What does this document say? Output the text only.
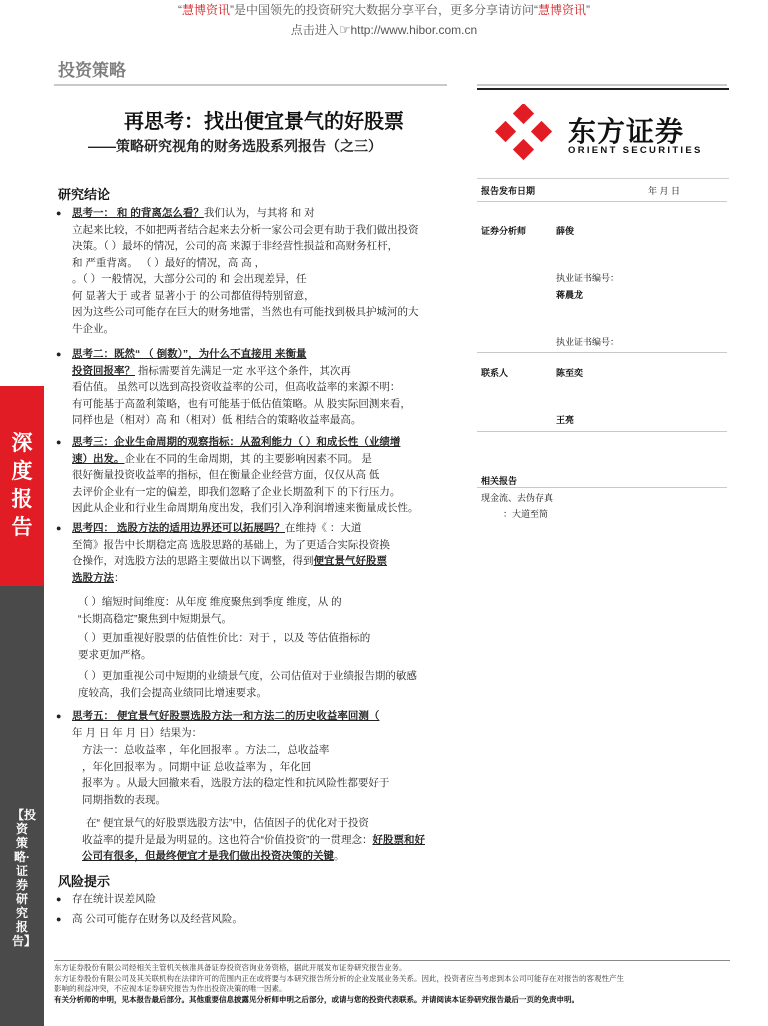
“慧博资讯”是中国领先的投资研究大数据分享平台，更多分享请访问“慧博资讯”
点击进入☞http://www.hibor.com.cn
投资策略
东方证券
ORIENT SECURITIES
再思考：找出便宜景气的好股票
——策略研究视角的财务选股系列报告（之三）
深度报告
【投资策略·证券研究报告】
研究结论
●	思考一： 和 的背离怎么看？我们认为，与其将 和 对
立起来比较，不如把两者结合起来去分析一家公司会更有助于我们做出投资
决策。（ ）最坏的情况，公司的高 来源于非经营性损益和高财务杠杆，
和 严重背离。 （ ）最好的情况，高 高 ，
。（ ）一般情况，大部分公司的 和 会出现差异，任
何 显著大于 或者 显著小于 的公司都值得特别留意，
因为这些公司可能存在巨大的财务地雷，当然也有可能找到极具护城河的大
牛企业。
●	思考二：既然“ （ 倒数）”，为什么不直接用 来衡量
投资回报率？ 指标需要首先满足一定 水平这个条件，其次再
看估值。 虽然可以选到高投资收益率的公司，但高收益率的来源不明：
有可能基于高盈利策略，也有可能基于低估值策略。从 股实际回测来看，
同样也是（相对）高 和（相对）低 相结合的策略收益率最高。
●	思考三：企业生命周期的观察指标：从盈利能力（ ）和成长性（业绩增
速）出发。企业在不同的生命周期，其 的主要影响因素不同。 是
很好衡量投资收益率的指标，但在衡量企业经营方面，仅仅从高 低
去评价企业有一定的偏差，即我们忽略了企业长期盈利下 的下行压力。
因此从企业和行业生命周期角度出发，我们引入净利润增速来衡量成长性。
●	思考四： 选股方法的适用边界还可以拓展吗？在维持《 ：大道
至简》报告中长期稳定高 选股思路的基础上，为了更适合实际投资换
仓操作，对选股方法的思路主要做出以下调整，得到便宜景气好股票
选股方法：
（ ）缩短时间维度：从年度 维度聚焦到季度 维度，从 的
“长期高稳定”聚焦到中短期景气。
（ ）更加重视好股票的估值性价比：对于 ，以及 等估值指标的
要求更加严格。
（ ）更加重视公司中短期的业绩景气度，公司估值对于业绩报告期的敏感
度较高，我们会提高业绩同比增速要求。
●	思考五： 便宜景气好股票选股方法一和方法二的历史收益率回测（
年 月 日 年 月 日）结果为：
方法一：总收益率 ，年化回报率 。方法二，总收益率
，年化回报率为 。同期中证 总收益率为 ，年化回
报率为 。从最大回撤来看，选股方法的稳定性和抗风险性都要好于
同期指数的表现。
在“ 便宜景气的好股票选股方法”中，估值因子的优化对于投资
收益率的提升是最为明显的。这也符合“价值投资”的一贯理念：好股票和好
公司有很多，但最终便宜才是我们做出投资决策的关键。
风险提示
● 存在统计误差风险
● 高 公司可能存在财务以及经营风险。
报告发布日期	年 月 日
证券分析师	薛俊
执业证书编号：
蒋晨龙
执业证书编号：
联系人	陈至奕
王亮
相关报告
现金流、去伪存真
：大道至简
东方证券股份有限公司经相关主管机关核准具备证券投资咨询业务资格，据此开展发布证券研究报告业务。
东方证券股份有限公司及其关联机构在法律许可的范围内正在或将要与本研究报告所分析的企业发展业务关系。因此，投资者应当考虑到本公司可能存在对报告的客观性产生
影响的利益冲突，不应视本证券研究报告为作出投资决策的唯一因素。
有关分析师的申明，见本报告最后部分。其他重要信息披露见分析师申明之后部分，或请与您的投资代表联系。并请阅读本证券研究报告最后一页的免责申明。
